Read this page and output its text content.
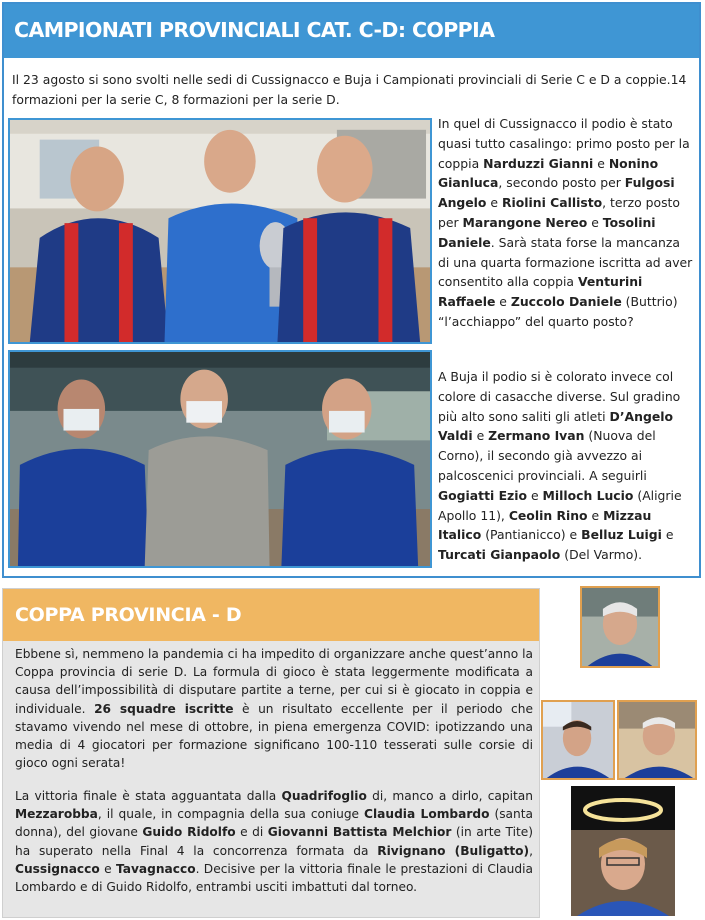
CAMPIONATI PROVINCIALI CAT. C-D: COPPIA
Il 23 agosto si sono svolti nelle sedi di Cussignacco e Buja i Campionati provinciali di Serie C e D a coppie.14 formazioni per la serie C, 8 formazioni per la serie D.
In quel di Cussignacco il podio è stato quasi tutto casalingo: primo posto per la coppia Narduzzi Gianni e Nonino Gianluca, secondo posto per Fulgosi Angelo e Riolini Callisto, terzo posto per Marangone Nereo e Tosolini Daniele. Sarà stata forse la mancanza di una quarta formazione iscritta ad aver consentito alla coppia Venturini Raffaele e Zuccolo Daniele (Buttrio) “l’acchiappo” del quarto posto?
A Buja il podio si è colorato invece col colore di casacche diverse. Sul gradino più alto sono saliti gli atleti D’Angelo Valdi e Zermano Ivan (Nuova del Corno), il secondo già avvezzo ai palcoscenici provinciali. A seguirli Gogiatti Ezio e Milloch Lucio (Aligrie Apollo 11), Ceolin Rino e Mizzau Italico (Pantianicco) e Belluz Luigi e Turcati Gianpaolo (Del Varmo).
COPPA PROVINCIA - D
Ebbene sì, nemmeno la pandemia ci ha impedito di organizzare anche quest’anno la Coppa provincia di serie D. La formula di gioco è stata leggermente modificata a causa dell’impossibilità di disputare partite a terne, per cui si è giocato in coppia e individuale. 26 squadre iscritte è un risultato eccellente per il periodo che stavamo vivendo nel mese di ottobre, in piena emergenza COVID: ipotizzando una media di 4 giocatori per formazione significano 100-110 tesserati sulle corsie di gioco ogni serata!
La vittoria finale è stata agguantata dalla Quadrifoglio di, manco a dirlo, capitan Mezzarobba, il quale, in compagnia della sua coniuge Claudia Lombardo (santa donna), del giovane Guido Ridolfo e di Giovanni Battista Melchior (in arte Tite) ha superato nella Final 4 la concorrenza formata da Rivignano (Buligatto), Cussignacco e Tavagnacco. Decisive per la vittoria finale le prestazioni di Claudia Lombardo e di Guido Ridolfo, entrambi usciti imbattuti dal torneo.
